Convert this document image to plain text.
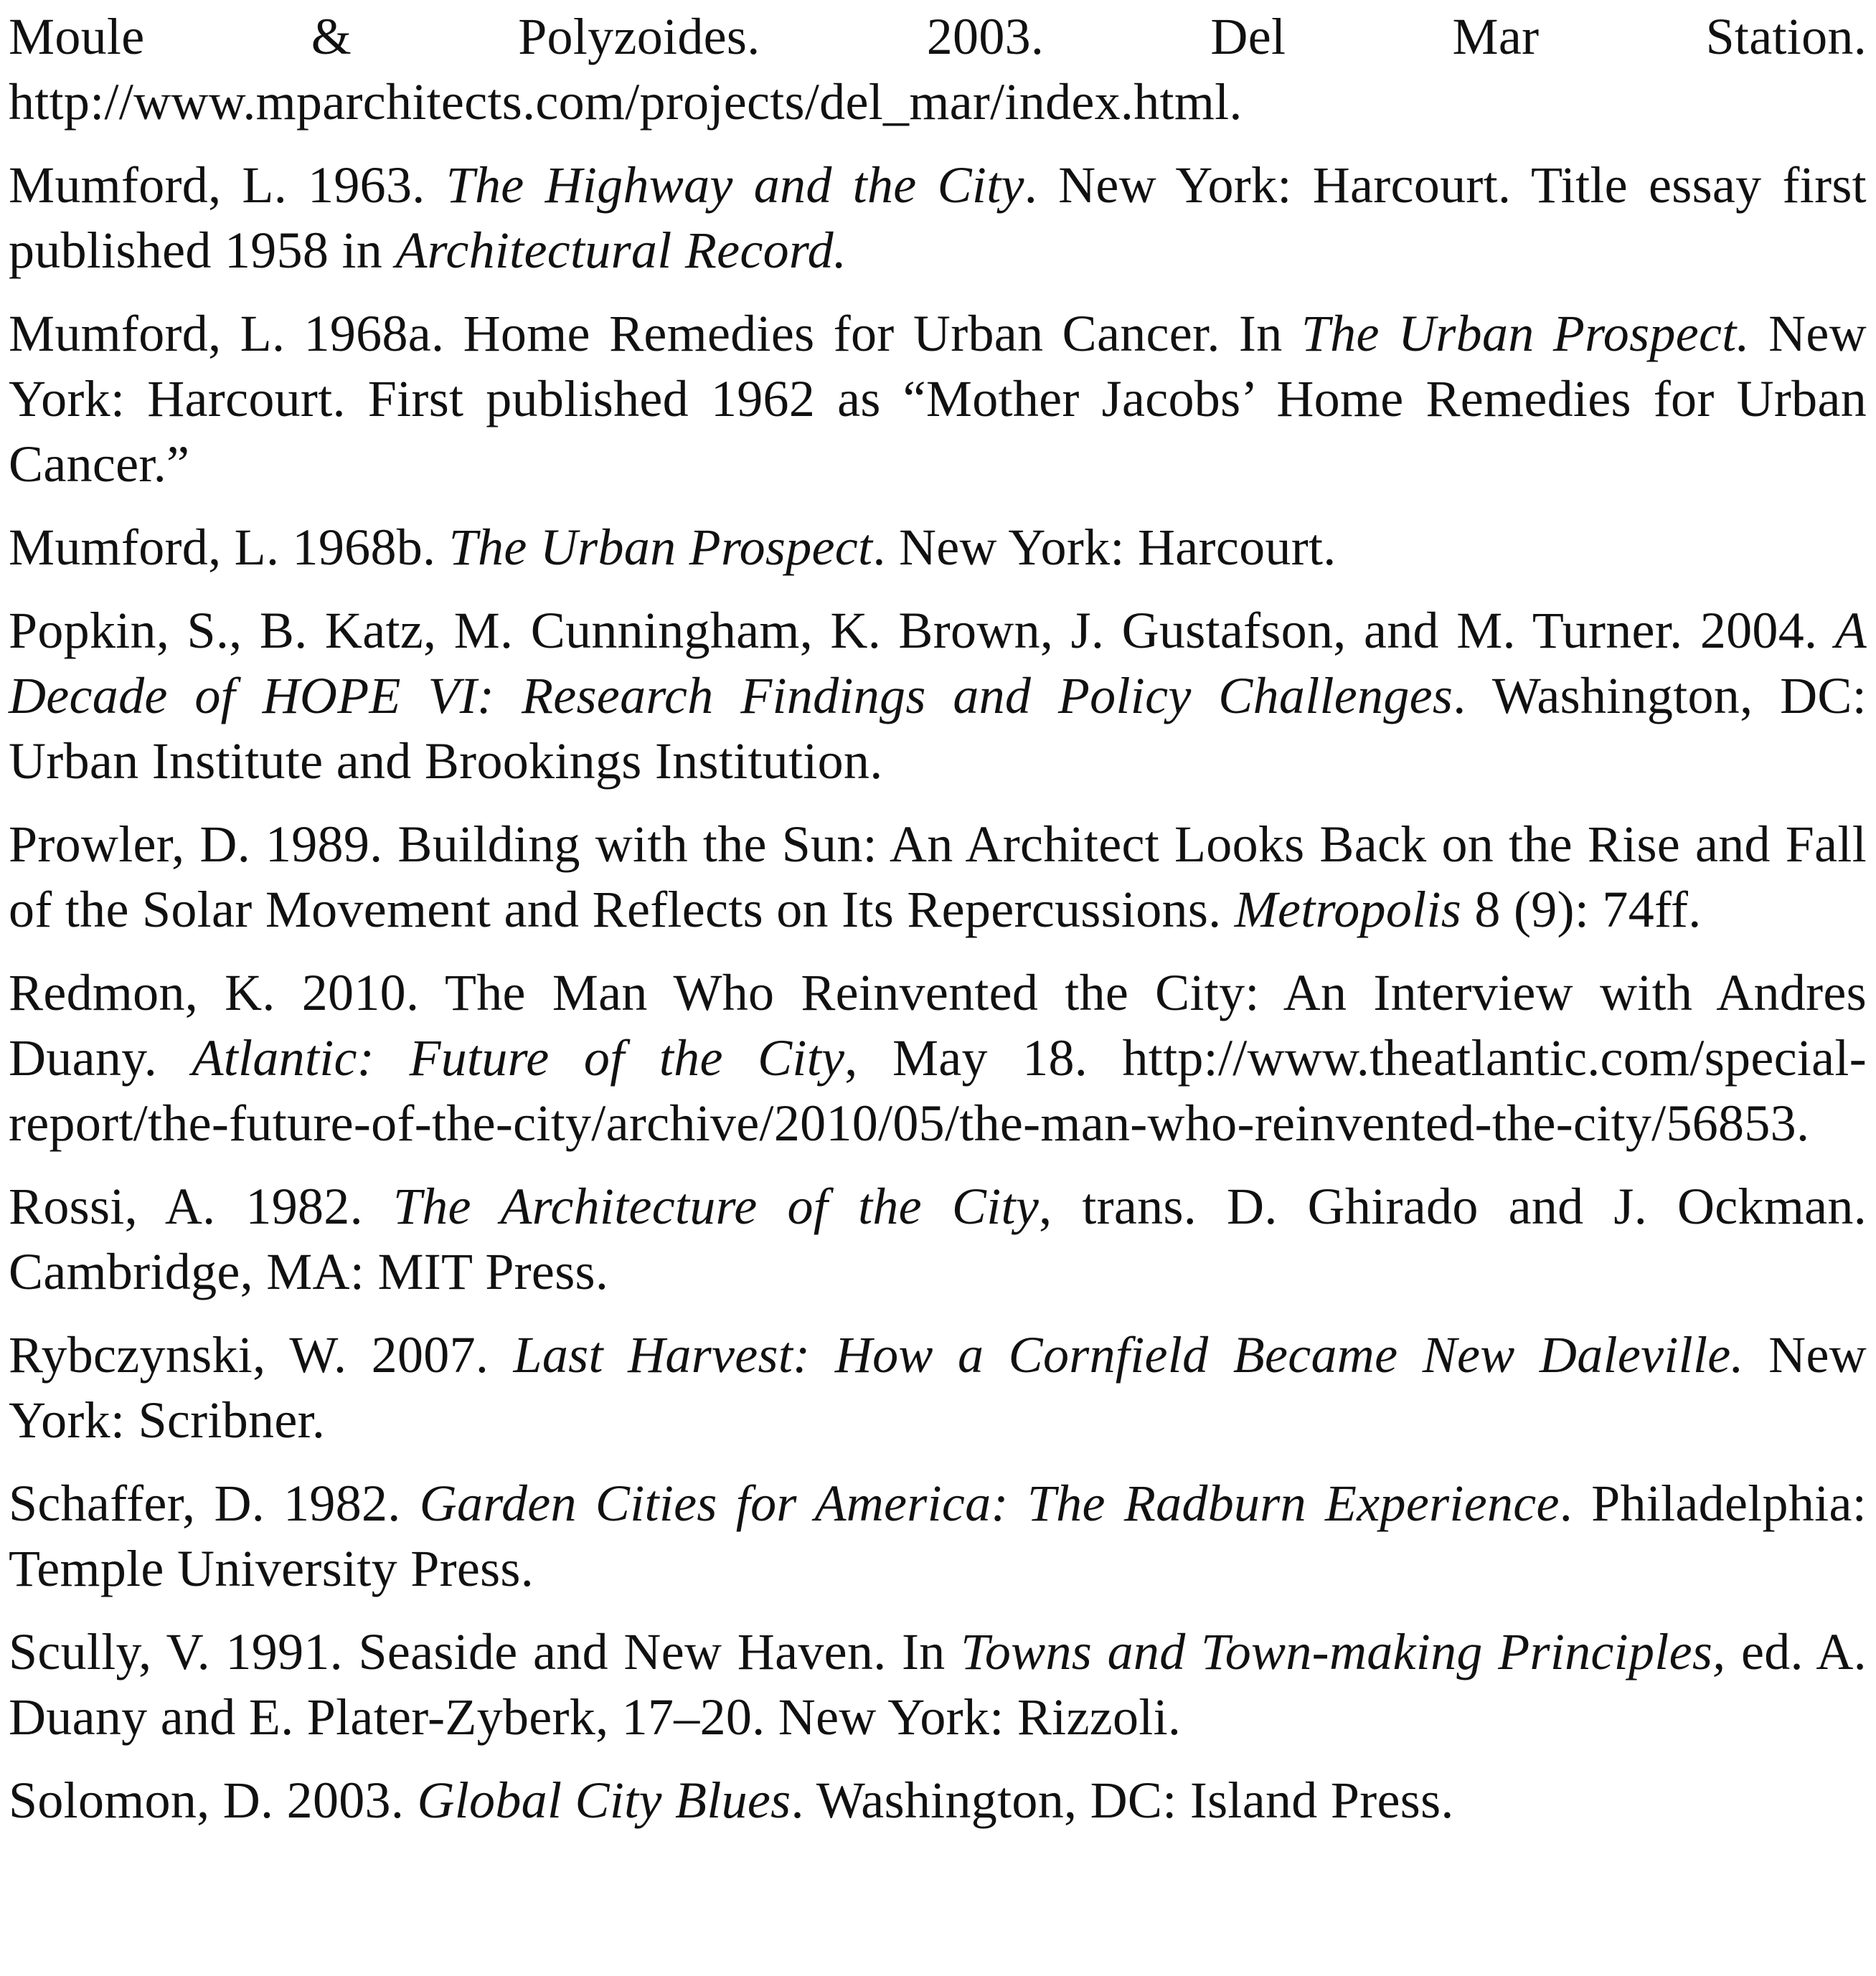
Moule & Polyzoides. 2003. Del Mar Station. http://www.mparchitects.com/projects/del_mar/index.html.

Mumford, L. 1963. The Highway and the City. New York: Harcourt. Title essay first published 1958 in Architectural Record.

Mumford, L. 1968a. Home Remedies for Urban Cancer. In The Urban Prospect. New York: Harcourt. First published 1962 as “Mother Jacobs’ Home Remedies for Urban Cancer.”

Mumford, L. 1968b. The Urban Prospect. New York: Harcourt.

Popkin, S., B. Katz, M. Cunningham, K. Brown, J. Gustafson, and M. Turner. 2004. A Decade of HOPE VI: Research Findings and Policy Challenges. Washington, DC: Urban Institute and Brookings Institution.

Prowler, D. 1989. Building with the Sun: An Architect Looks Back on the Rise and Fall of the Solar Movement and Reflects on Its Repercussions. Metropolis 8 (9): 74ff.

Redmon, K. 2010. The Man Who Reinvented the City: An Interview with Andres Duany. Atlantic: Future of the City, May 18. http://www.theatlantic.com/special-report/the-future-of-the-city/archive/2010/05/the-man-who-reinvented-the-city/56853.

Rossi, A. 1982. The Architecture of the City, trans. D. Ghirado and J. Ockman. Cambridge, MA: MIT Press.

Rybczynski, W. 2007. Last Harvest: How a Cornfield Became New Daleville. New York: Scribner.

Schaffer, D. 1982. Garden Cities for America: The Radburn Experience. Philadelphia: Temple University Press.

Scully, V. 1991. Seaside and New Haven. In Towns and Town-making Principles, ed. A. Duany and E. Plater-Zyberk, 17–20. New York: Rizzoli.

Solomon, D. 2003. Global City Blues. Washington, DC: Island Press.
